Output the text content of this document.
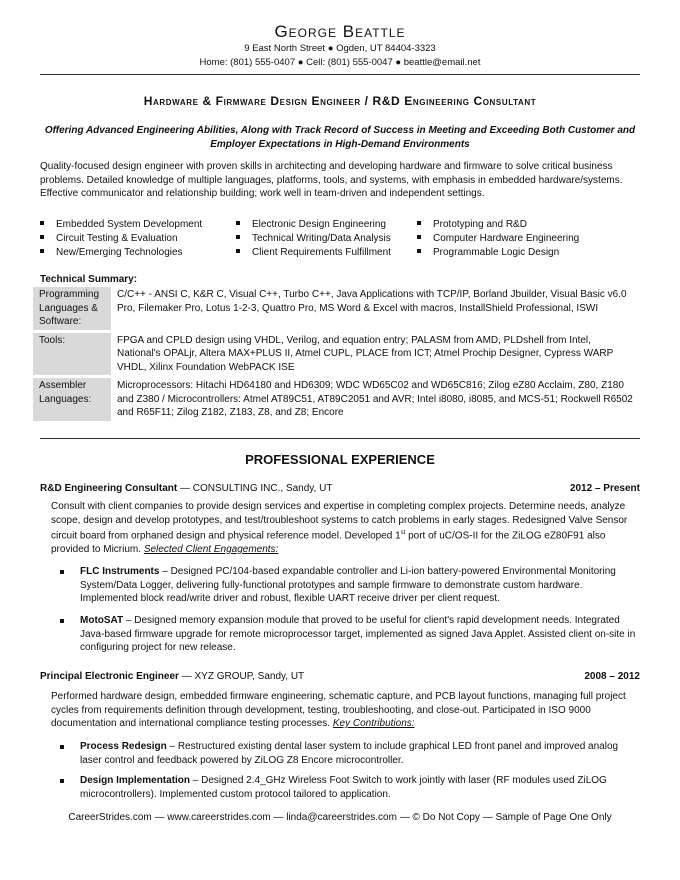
George Beattle
9 East North Street ● Ogden, UT 84404-3323
Home: (801) 555-0407 ● Cell: (801) 555-0047 ● beattle@email.net
Hardware & Firmware Design Engineer / R&D Engineering Consultant
Offering Advanced Engineering Abilities, Along with Track Record of Success in Meeting and Exceeding Both Customer and Employer Expectations in High-Demand Environments
Quality-focused design engineer with proven skills in architecting and developing hardware and firmware to solve critical business problems. Detailed knowledge of multiple languages, platforms, tools, and systems, with emphasis in embedded hardware/systems. Effective communicator and relationship building; work well in team-driven and independent settings.
Embedded System Development
Circuit Testing & Evaluation
New/Emerging Technologies
Electronic Design Engineering
Technical Writing/Data Analysis
Client Requirements Fulfillment
Prototyping and R&D
Computer Hardware Engineering
Programmable Logic Design
Technical Summary:
Programming Languages & Software:
C/C++ - ANSI C, K&R C, Visual C++, Turbo C++, Java Applications with TCP/IP, Borland Jbuilder, Visual Basic v6.0 Pro, Filemaker Pro, Lotus 1-2-3, Quattro Pro, MS Word & Excel with macros, InstallShield Professional, ISWI
Tools:	FPGA and CPLD design using VHDL, Verilog, and equation entry; PALASM from AMD, PLDshell from Intel, National's OPALjr, Altera MAX+PLUS II, Atmel CUPL, PLACE from ICT; Atmel Prochip Designer, Cypress WARP VHDL, Xilinx Foundation WebPACK ISE
Assembler Languages:
Microprocessors: Hitachi HD64180 and HD6309; WDC WD65C02 and WD65C816; Zilog eZ80 Acclaim, Z80, Z180 and Z380 / Microcontrollers: Atmel AT89C51, AT89C2051 and AVR; Intel i8080, i8085, and MCS-51; Rockwell R6502 and R65F11; Zilog Z182, Z183, Z8, and Z8; Encore
PROFESSIONAL EXPERIENCE
R&D Engineering Consultant — CONSULTING INC., Sandy, UT	2012 – Present
Consult with client companies to provide design services and expertise in completing complex projects. Determine needs, analyze scope, design and develop prototypes, and test/troubleshoot systems to catch problems in early stages. Redesigned Valve Sensor circuit board from orphaned design and physical reference model. Developed 1st port of uC/OS-II for the ZiLOG eZ80F91 also provided to Micrium. Selected Client Engagements:
FLC Instruments – Designed PC/104-based expandable controller and Li-ion battery-powered Environmental Monitoring System/Data Logger, delivering fully-functional prototypes and sample firmware to demonstrate custom hardware. Implemented block read/write driver and robust, flexible UART receive driver per client request.
MotoSAT – Designed memory expansion module that proved to be useful for client's rapid development needs. Integrated Java-based firmware upgrade for remote microprocessor target, implemented as signed Java Applet. Assisted client on-site in configuring project for new release.
Principal Electronic Engineer — XYZ GROUP, Sandy, UT	2008 – 2012
Performed hardware design, embedded firmware engineering, schematic capture, and PCB layout functions, managing full project cycles from requirements definition through development, testing, troubleshooting, and close-out. Participated in ISO 9000 documentation and international compliance testing processes. Key Contributions:
Process Redesign – Restructured existing dental laser system to include graphical LED front panel and improved analog laser control and feedback powered by ZiLOG Z8 Encore microcontroller.
Design Implementation – Designed 2.4_GHz Wireless Foot Switch to work jointly with laser (RF modules used ZiLOG microcontrollers). Implemented custom protocol tailored to application.
CareerStrides.com — www.careerstrides.com — linda@careerstrides.com — © Do Not Copy — Sample of Page One Only
